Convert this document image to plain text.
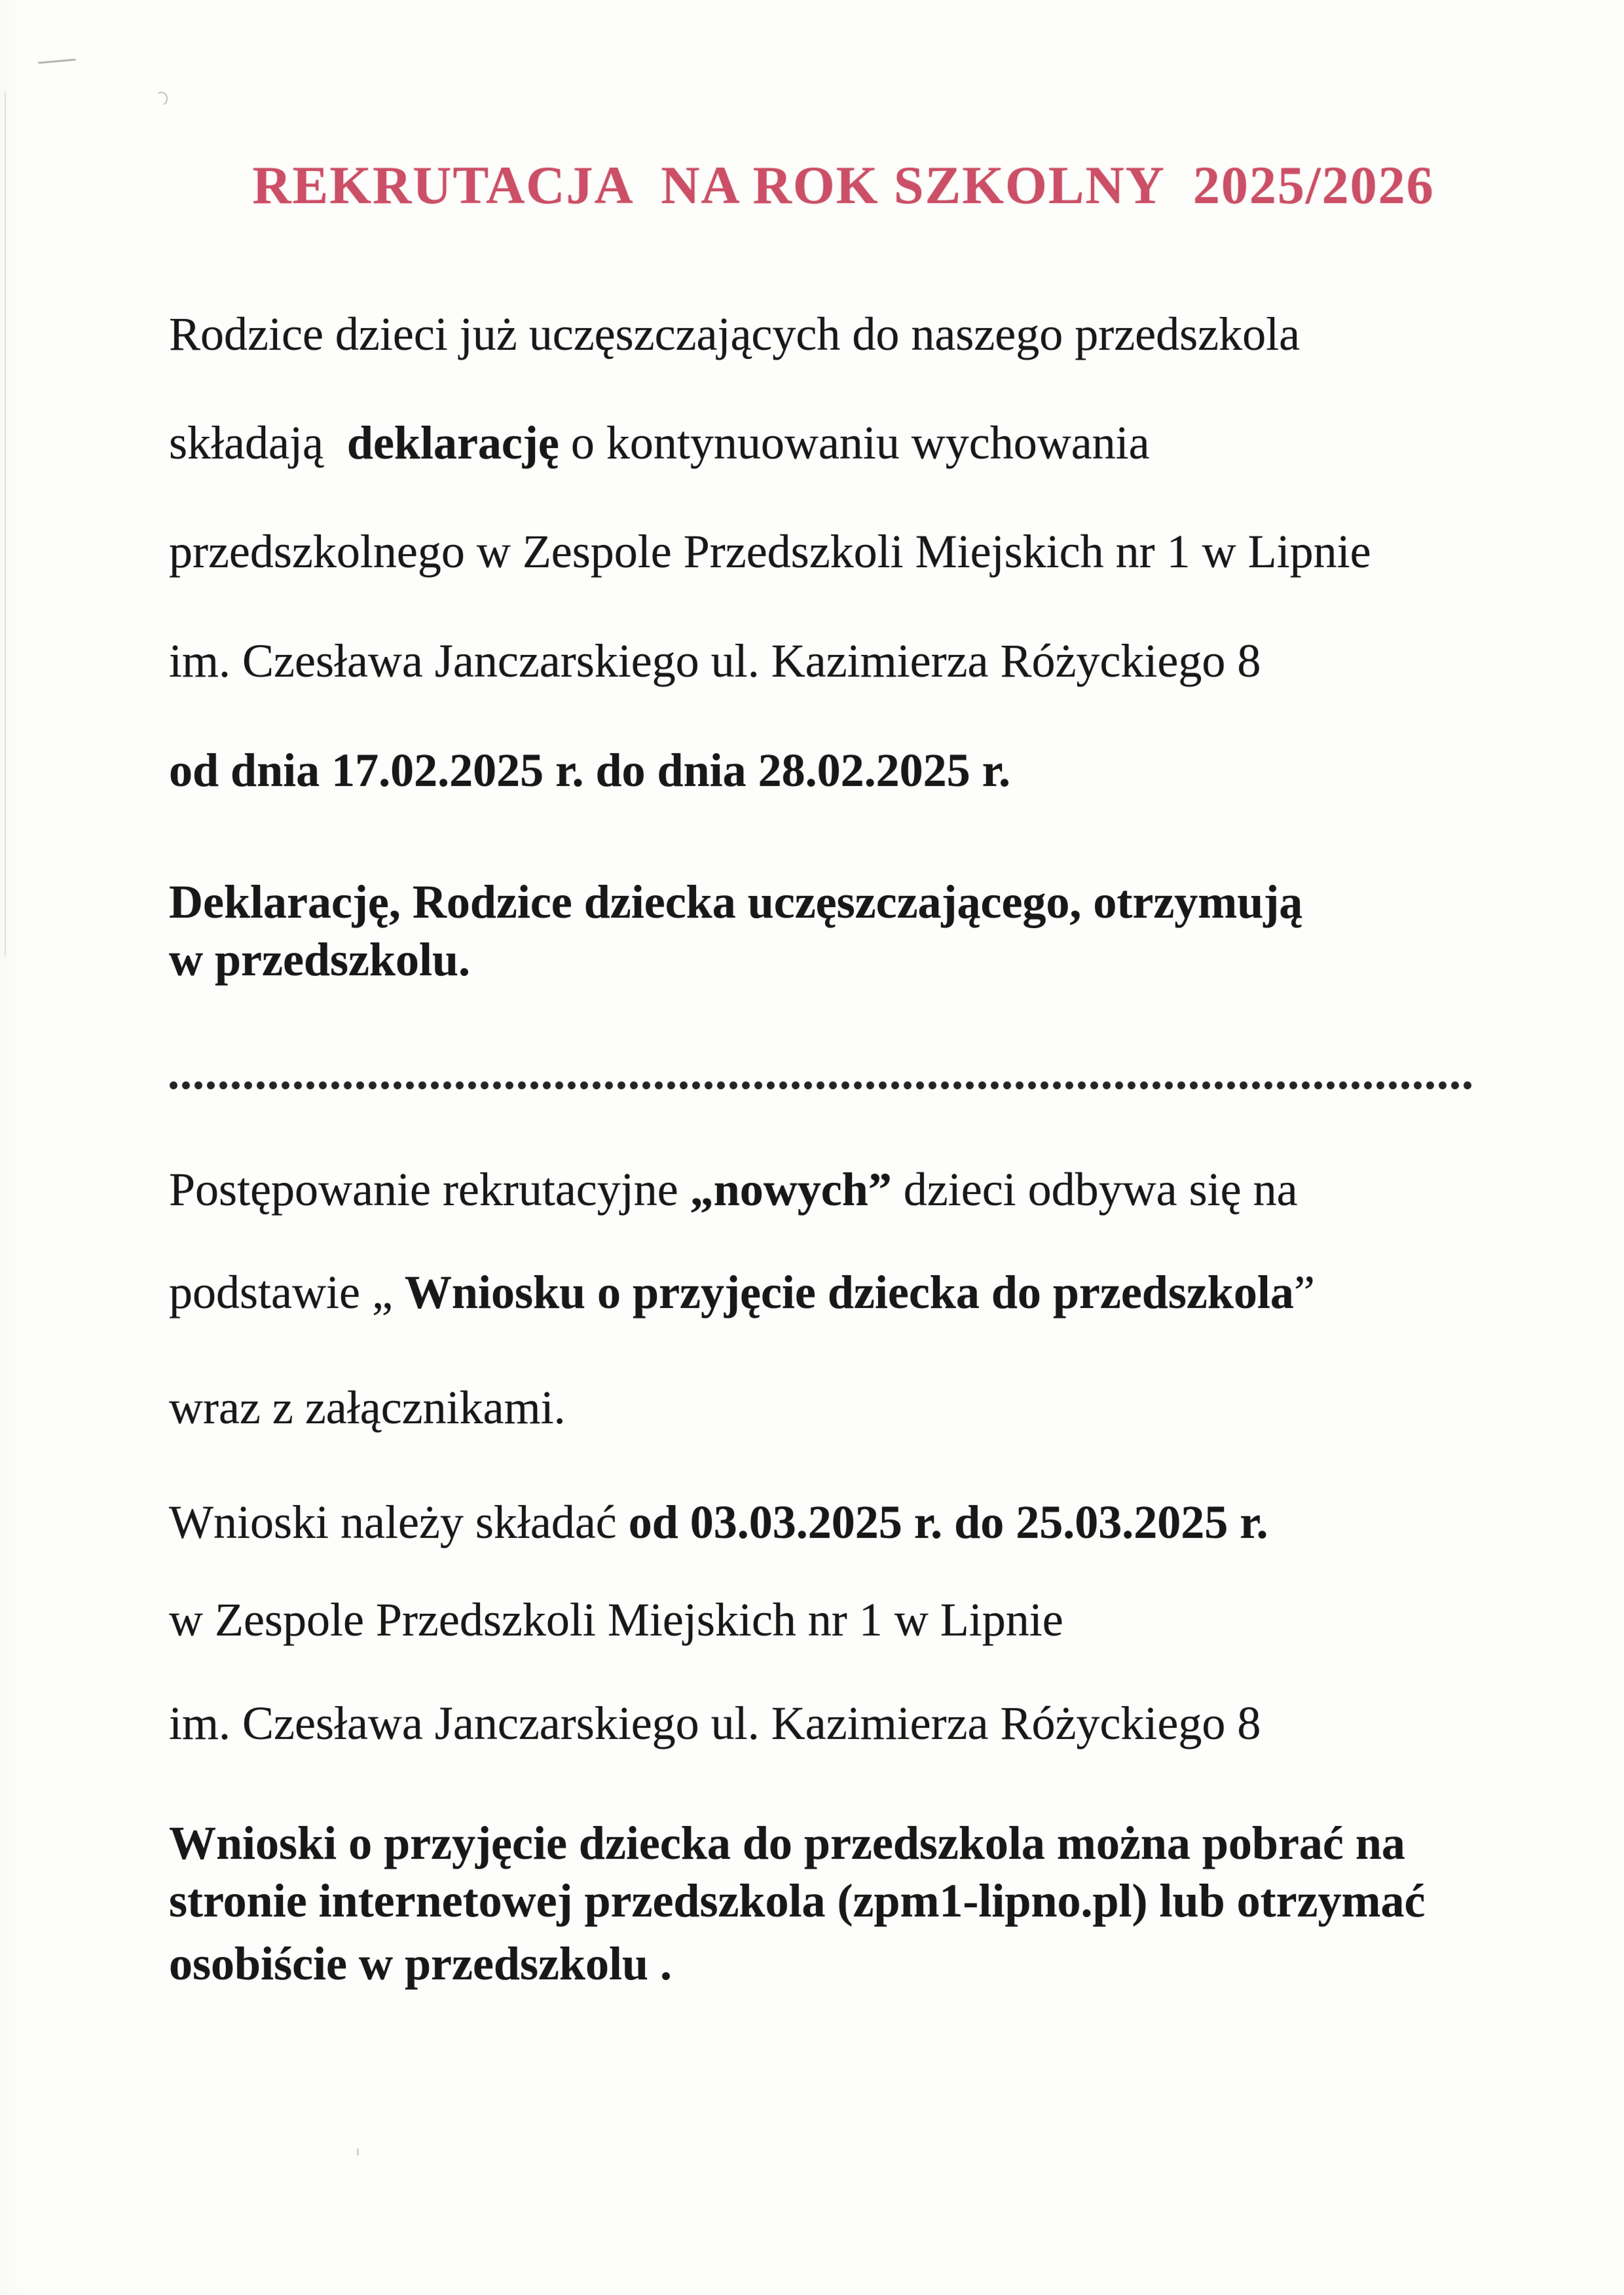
REKRUTACJA  NA ROK SZKOLNY  2025/2026
Rodzice dzieci już uczęszczających do naszego przedszkola
składają  deklarację o kontynuowaniu wychowania
przedszkolnego w Zespole Przedszkoli Miejskich nr 1 w Lipnie
im. Czesława Janczarskiego ul. Kazimierza Różyckiego 8
od dnia 17.02.2025 r. do dnia 28.02.2025 r.
Deklarację, Rodzice dziecka uczęszczającego, otrzymują
w przedszkolu.
.........................................................................................................
Postępowanie rekrutacyjne „nowych” dzieci odbywa się na
podstawie „ Wniosku o przyjęcie dziecka do przedszkola”
wraz z załącznikami.
Wnioski należy składać od 03.03.2025 r. do 25.03.2025 r.
w Zespole Przedszkoli Miejskich nr 1 w Lipnie
im. Czesława Janczarskiego ul. Kazimierza Różyckiego 8
Wnioski o przyjęcie dziecka do przedszkola można pobrać na
stronie internetowej przedszkola (zpm1-lipno.pl) lub otrzymać
osobiście w przedszkolu .
